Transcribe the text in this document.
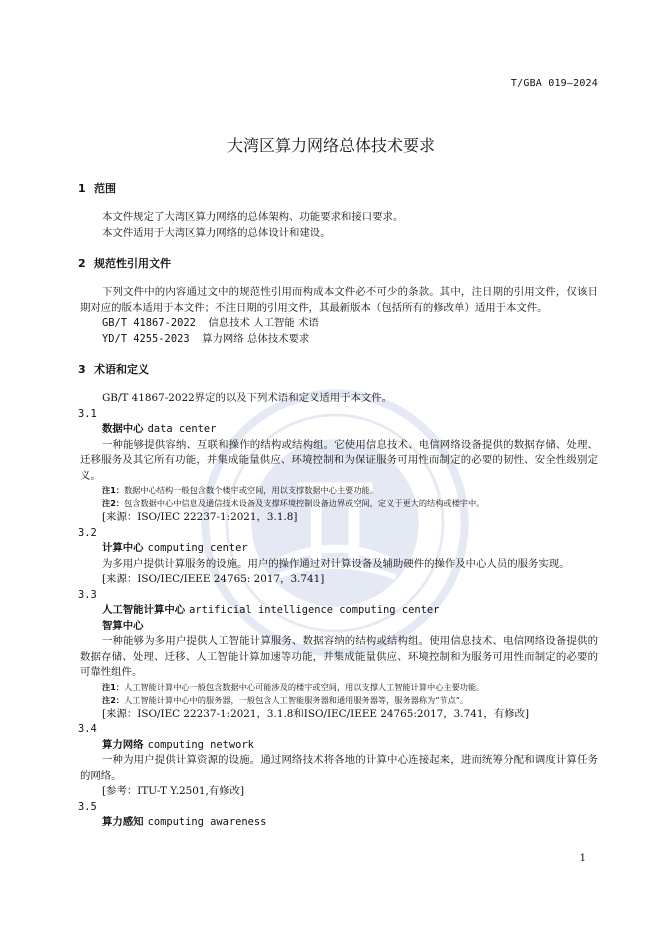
T/GBA 019—2024
大湾区算力网络总体技术要求
1 范围

本文件规定了大湾区算力网络的总体架构、功能要求和接口要求。

本文件适用于大湾区算力网络的总体设计和建设。

2 规范性引用文件

下列文件中的内容通过文中的规范性引用而构成本文件必不可少的条款。其中，注日期的引用文件，仅该日期对应的版本适用于本文件；不注日期的引用文件，其最新版本（包括所有的修改单）适用于本文件。

GB/T 41867-2022 信息技术 人工智能 术语

YD/T 4255-2023 算力网络 总体技术要求

3 术语和定义

GB/T 41867-2022界定的以及下列术语和定义适用于本文件。

3.1
数据中心 data center

一种能够提供容纳、互联和操作的结构或结构组。它使用信息技术、电信网络设备提供的数据存储、处理、迁移服务及其它所有功能，并集成能量供应、环境控制和为保证服务可用性而制定的必要的韧性、安全性级别定义。

注1：数据中心结构一般包含数个楼宇或空间，用以支撑数据中心主要功能。
注2：包含数据中心中信息及通信技术设备及支撑环境控制设备边界或空间，定义于更大的结构或楼宇中。
[来源：ISO/IEC 22237-1:2021，3.1.8]
3.2
计算中心 computing center

为多用户提供计算服务的设施。用户的操作通过对计算设备及辅助硬件的操作及中心人员的服务实现。

[来源：ISO/IEC/IEEE 24765: 2017，3.741]
3.3
人工智能计算中心 artificial intelligence computing center
智算中心

一种能够为多用户提供人工智能计算服务、数据容纳的结构或结构组。使用信息技术、电信网络设备提供的数据存储、处理、迁移、人工智能计算加速等功能，并集成能量供应、环境控制和为服务可用性而制定的必要的可靠性组件。

注1：人工智能计算中心一般包含数据中心可能涉及的楼宇或空间，用以支撑人工智能计算中心主要功能。
注2：人工智能计算中心中的服务器，一般包含人工智能服务器和通用服务器等，服务器称为“节点”。
[来源：ISO/IEC 22237-1:2021，3.1.8和ISO/IEC/IEEE 24765:2017，3.741，有修改]
3.4
算力网络 computing network

一种为用户提供计算资源的设施。通过网络技术将各地的计算中心连接起来，进而统筹分配和调度计算任务的网络。

[参考：ITU-T Y.2501,有修改]
3.5
算力感知 computing awareness
1
